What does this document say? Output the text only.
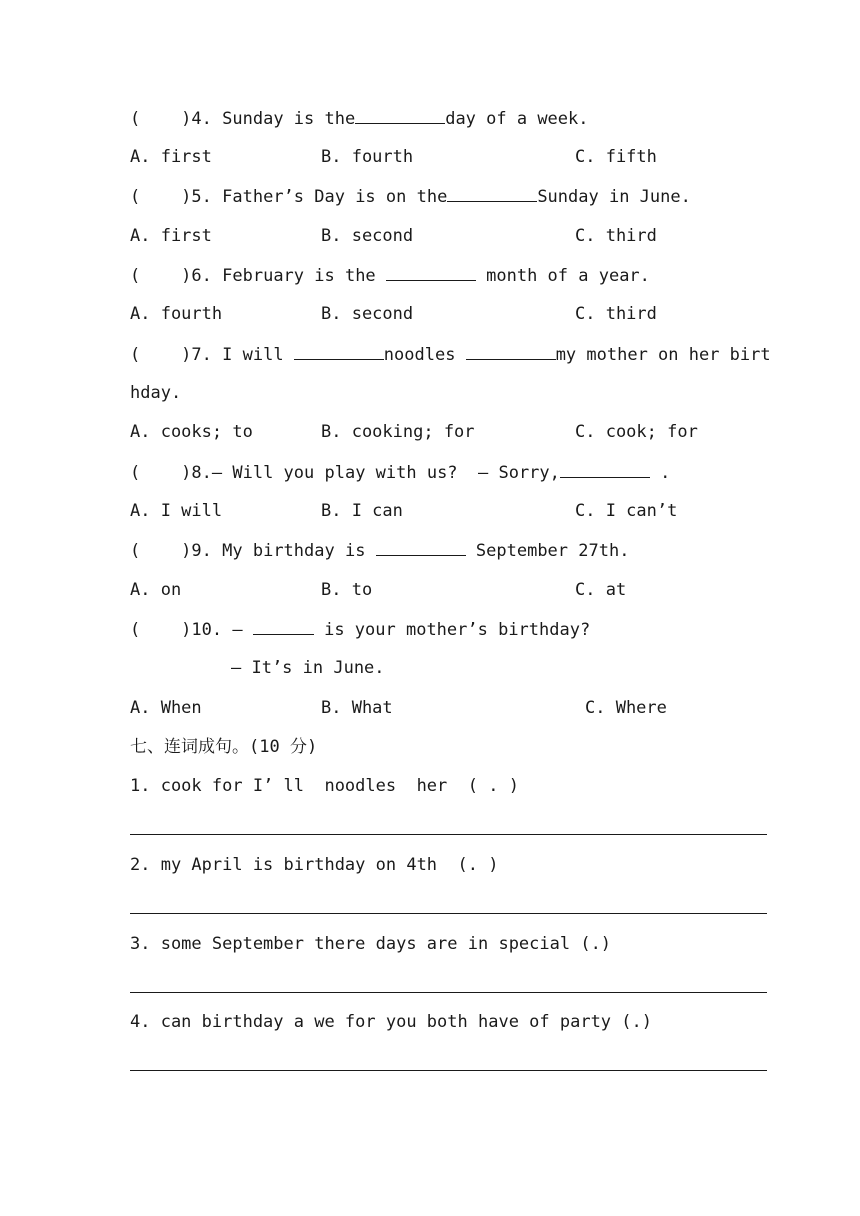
(    )4. Sunday is the	day of a week.
A. first	B. fourth	C. fifth
(    )5. Father’s Day is on the	Sunday in June.
A. first	B. second	C. third
(    )6. February is the	month of a year.
A. fourth	B. second	C. third
(    )7. I will	noodles	my mother on her birt
hday.
A. cooks; to	B. cooking; for	C. cook; for
(    )8.— Will you play with us?  — Sorry,	.
A. I will	B. I can	C. I can’t
(    )9. My birthday is	September 27th.
A. on	B. to	C. at
(    )10. —	is your mother’s birthday?
— It’s in June.
A. When	B. What	C. Where
七、连词成句。(10 分)
1. cook for I’ ll  noodles  her  ( . )
2. my April is birthday on 4th  (. )
3. some September there days are in special (.)
4. can birthday a we for you both have of party (.)
